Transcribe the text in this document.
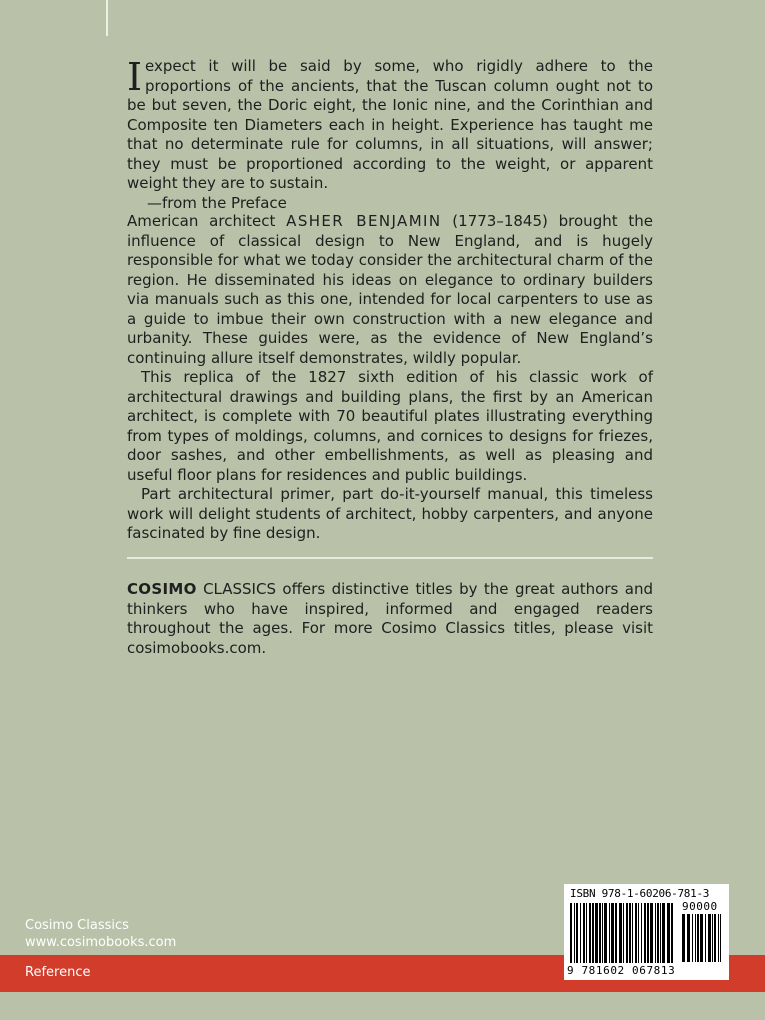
Iexpect it will be said by some, who rigidly adhere to the proportions of the ancients, that the Tuscan column ought not to be but seven, the Doric eight, the Ionic nine, and the Corinthian and Composite ten Diameters each in height. Experience has taught me that no determinate rule for columns, in all situations, will answer; they must be proportioned according to the weight, or apparent weight they are to sustain.
—from the Preface

American architect ASHER BENJAMIN (1773–1845) brought the influence of classical design to New England, and is hugely responsible for what we today consider the architectural charm of the region. He disseminated his ideas on elegance to ordinary builders via manuals such as this one, intended for local carpenters to use as a guide to imbue their own construction with a new elegance and urbanity. These guides were, as the evidence of New England’s continuing allure itself demonstrates, wildly popular.

This replica of the 1827 sixth edition of his classic work of architectural drawings and building plans, the first by an American architect, is complete with 70 beautiful plates illustrating everything from types of moldings, columns, and cornices to designs for friezes, door sashes, and other embellishments, as well as pleasing and useful floor plans for residences and public buildings.

Part architectural primer, part do-it-yourself manual, this timeless work will delight students of architect, hobby carpenters, and anyone fascinated by fine design.

COSIMO CLASSICS offers distinctive titles by the great authors and thinkers who have inspired, informed and engaged readers throughout the ages. For more Cosimo Classics titles, please visit cosimobooks.com.

Cosimo Classics
www.cosimobooks.com
Reference
ISBN 978-1-60206-781-3
90000
9 781602 067813
